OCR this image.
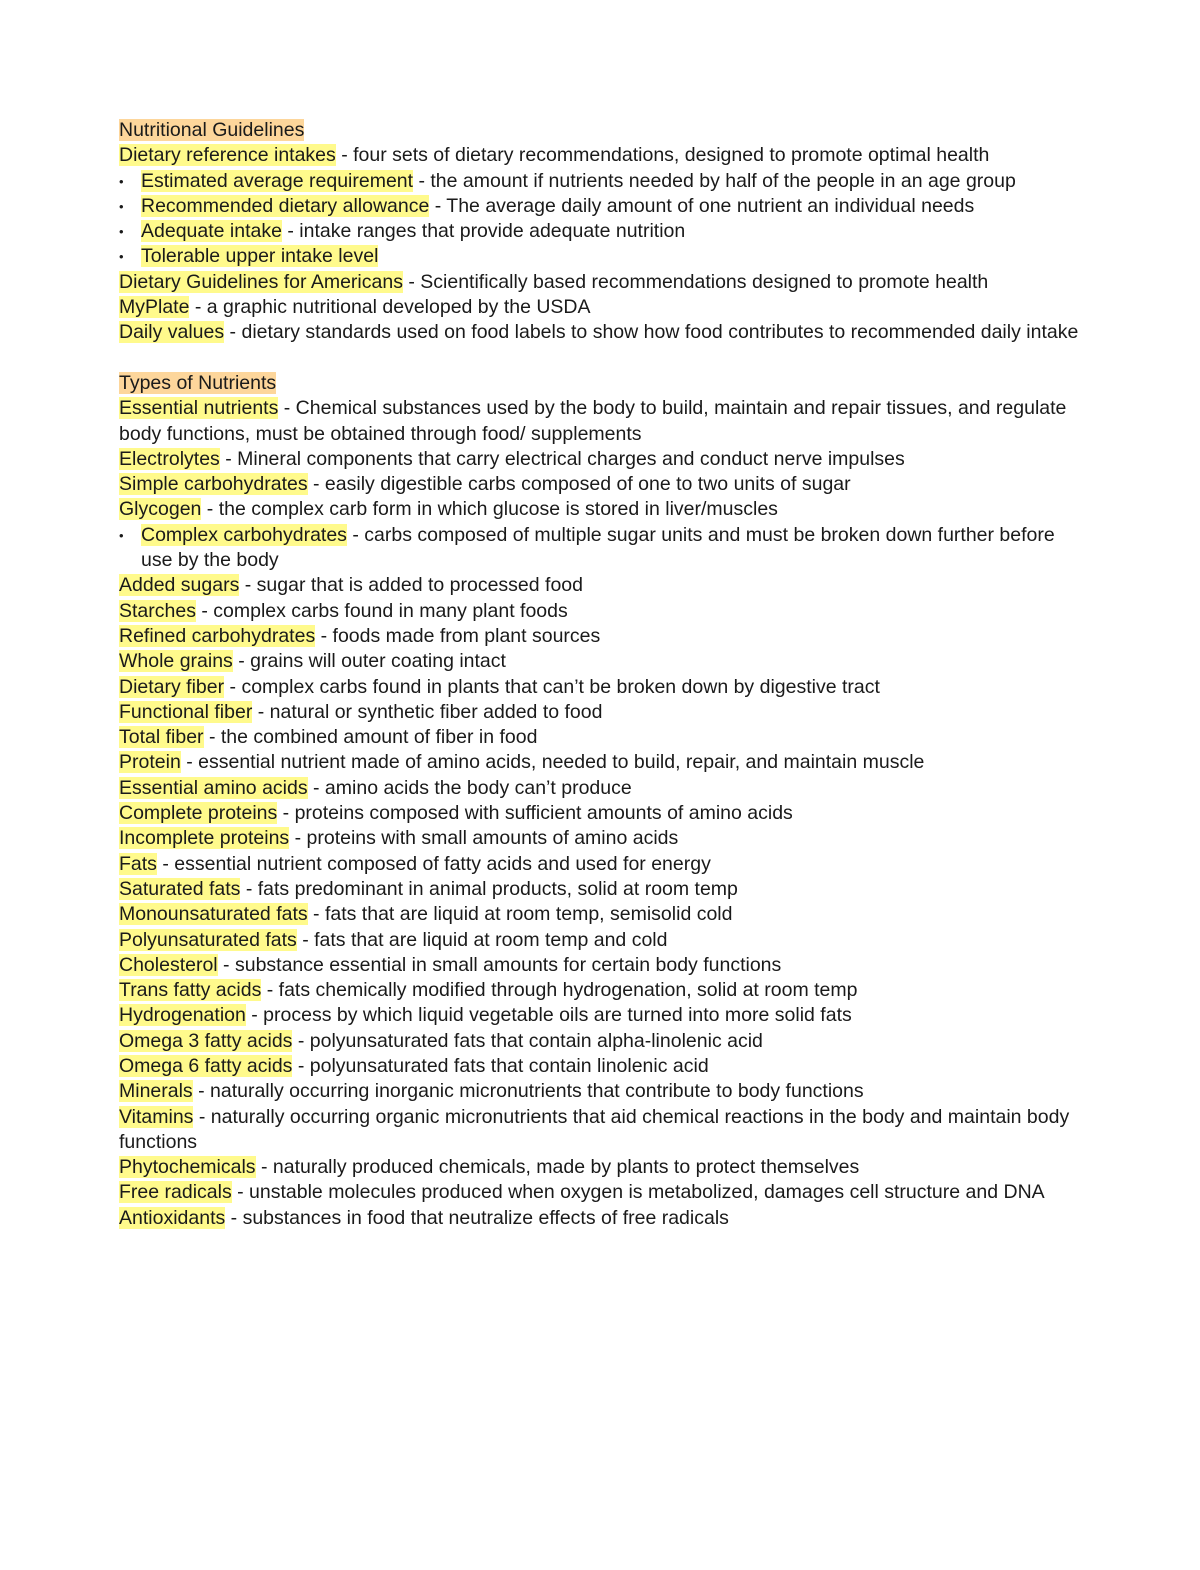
Nutritional Guidelines

Dietary reference intakes - four sets of dietary recommendations, designed to promote optimal health

• Estimated average requirement - the amount if nutrients needed by half of the people in an age group

• Recommended dietary allowance - The average daily amount of one nutrient an individual needs

• Adequate intake - intake ranges that provide adequate nutrition

• Tolerable upper intake level

Dietary Guidelines for Americans - Scientifically based recommendations designed to promote health

MyPlate - a graphic nutritional developed by the USDA

Daily values - dietary standards used on food labels to show how food contributes to recommended daily intake

Types of Nutrients

Essential nutrients - Chemical substances used by the body to build, maintain and repair tissues, and regulate body functions, must be obtained through food/ supplements

Electrolytes - Mineral components that carry electrical charges and conduct nerve impulses

Simple carbohydrates - easily digestible carbs composed of one to two units of sugar

Glycogen - the complex carb form in which glucose is stored in liver/muscles

• Complex carbohydrates - carbs composed of multiple sugar units and must be broken down further before use by the body

Added sugars - sugar that is added to processed food

Starches - complex carbs found in many plant foods

Refined carbohydrates - foods made from plant sources

Whole grains - grains will outer coating intact

Dietary fiber - complex carbs found in plants that can’t be broken down by digestive tract

Functional fiber - natural or synthetic fiber added to food

Total fiber - the combined amount of fiber in food

Protein - essential nutrient made of amino acids, needed to build, repair, and maintain muscle

Essential amino acids - amino acids the body can’t produce

Complete proteins - proteins composed with sufficient amounts of amino acids

Incomplete proteins - proteins with small amounts of amino acids

Fats - essential nutrient composed of fatty acids and used for energy

Saturated fats - fats predominant in animal products, solid at room temp

Monounsaturated fats - fats that are liquid at room temp, semisolid cold

Polyunsaturated fats - fats that are liquid at room temp and cold

Cholesterol - substance essential in small amounts for certain body functions

Trans fatty acids - fats chemically modified through hydrogenation, solid at room temp

Hydrogenation - process by which liquid vegetable oils are turned into more solid fats

Omega 3 fatty acids - polyunsaturated fats that contain alpha-linolenic acid

Omega 6 fatty acids - polyunsaturated fats that contain linolenic acid

Minerals - naturally occurring inorganic micronutrients that contribute to body functions

Vitamins - naturally occurring organic micronutrients that aid chemical reactions in the body and maintain body functions

Phytochemicals - naturally produced chemicals, made by plants to protect themselves

Free radicals - unstable molecules produced when oxygen is metabolized, damages cell structure and DNA

Antioxidants - substances in food that neutralize effects of free radicals
